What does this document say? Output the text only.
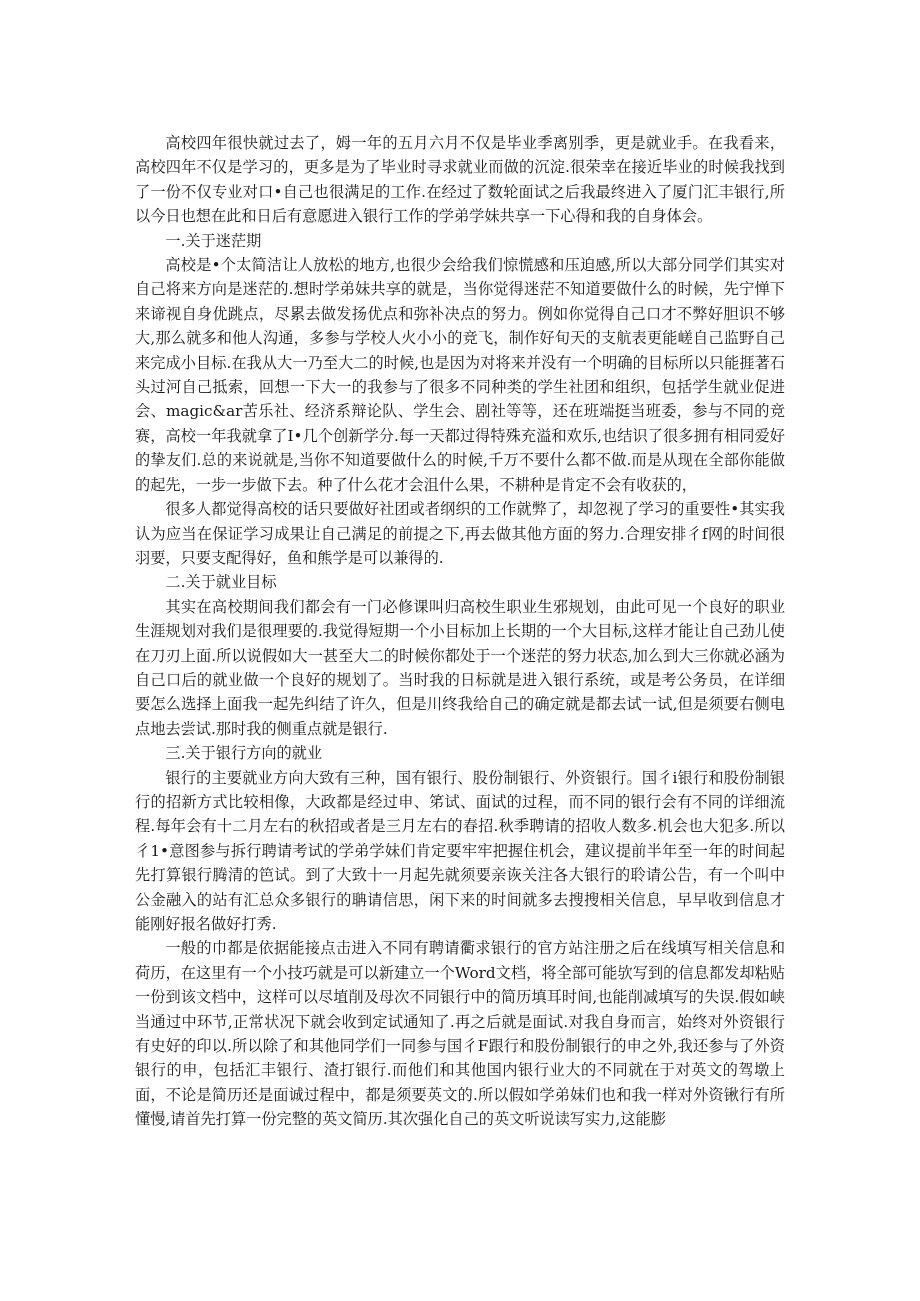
高校四年很快就过去了，姆一年的五月六月不仅是毕业季离别季，更是就业手。在我看来，高校四年不仅是学习的，更多是为了毕业时寻求就业而做的沉淀.很荣幸在接近毕业的时候我找到了一份不仅专业对口•自己也很满足的工作.在经过了数轮面试之后我最终进入了厦门汇丰银行,所以今日也想在此和日后有意愿进入银行工作的学弟学妹共享一下心得和我的自身体会。

一.关于迷茫期

高校是•个太简洁让人放松的地方,也很少会给我们惊慌感和压迫感,所以大部分同学们其实对自己将来方向是迷茫的.想时学弟妹共享的就是，当你觉得迷茫不知道要做什么的时候，先宁惮下来谛视自身优跳点，尽累去做发扬优点和弥补决点的努力。例如你觉得自己口才不弊好胆识不够大,那么就多和他人沟通，多参与学校人火小小的竞飞，制作好旬天的支航表更能嵯自己监野自己来完成小目标.在我从大一乃至大二的时候,也是因为对将来并没有一个明确的目标所以只能捱著石头过河自己抵索，回想一下大一的我参与了很多不同种类的学生社团和组织，包括学生就业促进会、magic&ar苦乐社、经济系辩论队、学生会、剧社等等，还在班端挺当班委，参与不同的竞赛，高校一年我就拿了I•几个创新学分.每一天都过得特殊充溢和欢乐,也结识了很多拥有相同爱好的挚友们.总的来说就是,当你不知道要做什么的时候,千万不要什么都不做.而是从现在全部你能做的起先，一步一步做下去。种了什么花才会沮什么果，不耕种是肯定不会有收获的，

很多人都觉得高校的话只要做好社团或者纲织的工作就弊了，却忽视了学习的重要性•其实我认为应当在保证学习成果让自己满足的前提之下,再去做其他方面的努力.合理安排彳f网的时间很羽要，只要支配得好，鱼和熊学是可以兼得的.

二.关于就业目标

其实在高校期间我们都会有一门必修课叫归高校生职业生邪规划，由此可见一个良好的职业生涯规划对我们是很理要的.我觉得短期一个小目标加上长期的一个大目标,这样才能让自己劲儿使在刀刃上面.所以说假如大一甚至大二的时候你都处于一个迷茫的努力状态,加么到大三你就必涵为自己口后的就业做一个良好的规划了。当时我的日标就是进入银行系统，或是考公务员，在详细要怎么选择上面我一起先纠结了许久，但是川终我给自己的确定就是都去试一试,但是须要右侧电点地去尝试.那时我的侧重点就是银行.

三.关于银行方向的就业

银行的主要就业方向大致有三种，国有银行、股份制银行、外资银行。国彳i银行和股份制银行的招新方式比较相像，大政都是经过申、笫试、面试的过程，而不同的银行会有不同的详细流程.每年会有十二月左右的秋招或者是三月左右的春招.秋季聘请的招收人数多.机会也大犯多.所以彳1•意图参与拆行聘请考试的学弟学妹们肯定要牢牢把握住机会，建议提前半年至一年的时间起先打算银行腾清的笆试。到了大致十一月起先就须要亲诙关注各大银行的聆请公告，有一个叫中公金融入的站有汇总众多银行的聃请信思，闲下来的时间就多去搜搜相关信息，早早收到信息才能刚好报名做好打秀.

一般的巾都是依据能接点击进入不同有聘请衢求银行的官方站注册之后在线填写相关信息和荷历，在这里有一个小技巧就是可以新建立一个Word文档，将全部可能欤写到的信息都发却粘贴一份到该文档中，这样可以尽埴削及母次不同银行中的简历填耳时间,也能削减填写的失误.假如峡当通过中环节,正常状况下就会收到定试通知了.再之后就是面试.对我自身而言，始终对外资银行有史好的印以.所以除了和其他同学们一同参与国彳F跟行和股份制银行的申之外,我还参与了外资银行的申，包括汇丰银行、渣打银行.而他们和其他国内银行业大的不同就在于对英文的驾墩上面，不论是简历还是面诚过程中，都是须要英文的.所以假如学弟妹们也和我一样对外资锹行有所懂慢,请首先打算一份完整的英文简历.其次强化自己的英文听说读写实力,这能膨
